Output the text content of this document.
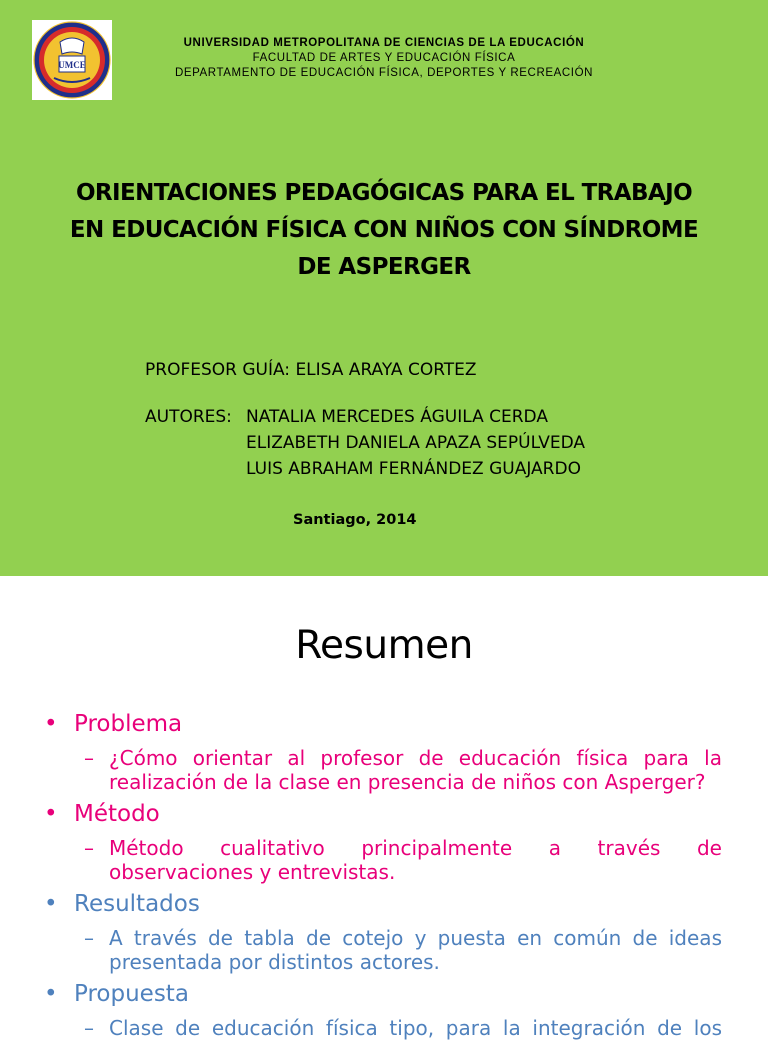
UMCE
UNIVERSIDAD METROPOLITANA DE CIENCIAS DE LA EDUCACIÓN
FACULTAD DE ARTES Y EDUCACIÓN FÍSICA
DEPARTAMENTO DE EDUCACIÓN FÍSICA, DEPORTES Y RECREACIÓN
ORIENTACIONES PEDAGÓGICAS PARA EL TRABAJO
EN EDUCACIÓN FÍSICA CON NIÑOS CON SÍNDROME
DE ASPERGER
PROFESOR GUÍA: ELISA ARAYA CORTEZ
AUTORES: NATALIA MERCEDES ÁGUILA CERDA
ELIZABETH DANIELA APAZA SEPÚLVEDA
LUIS ABRAHAM FERNÁNDEZ GUAJARDO
Santiago, 2014
Resumen
• Problema
– ¿Cómo orientar al profesor de educación física para la
realización de la clase en presencia de niños con Asperger?
• Método
– Método cualitativo principalmente a través de
observaciones y entrevistas.
• Resultados
– A través de tabla de cotejo y puesta en común de ideas
presentada por distintos actores.
• Propuesta
– Clase de educación física tipo, para la integración de los
